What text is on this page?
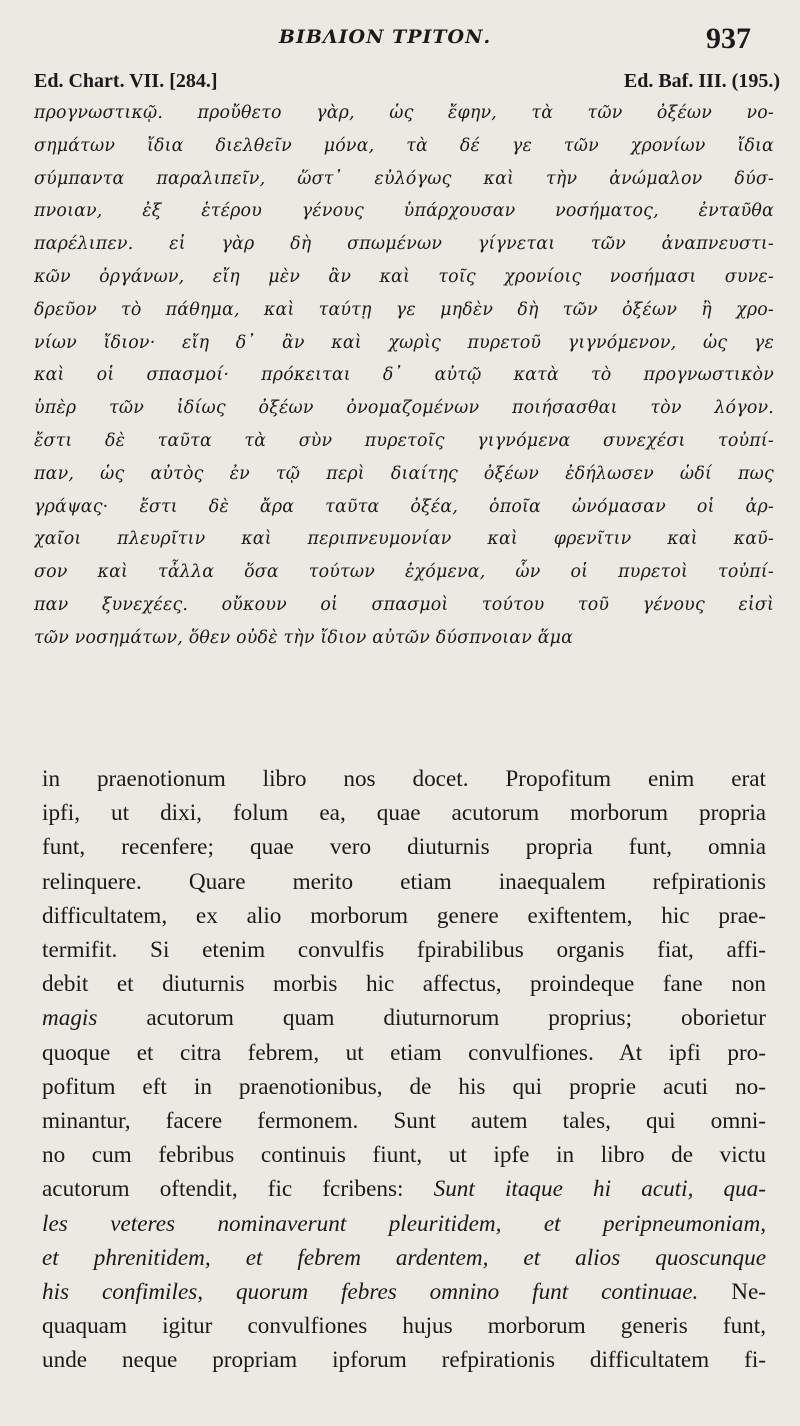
BIBΛΙΟΝ ΤΡΙΤΟΝ.	937
Ed. Chart. VII. [284.]	Ed. Baf. III. (195.)
προγνωστικῷ. προὔθετο γὰρ, ὡς ἔφην, τὰ τῶν ὀξέων νο-
σημάτων ἴδια διελθεῖν μόνα, τὰ δέ γε τῶν χρονίων ἴδια
σύμπαντα παραλιπεῖν, ὥστ᾽ εὐλόγως καὶ τὴν ἀνώμαλον δύσ-
πνοιαν, ἐξ ἑτέρου γένους ὑπάρχουσαν νοσήματος, ἐνταῦθα
παρέλιπεν. εἰ γὰρ δὴ σπωμένων γίγνεται τῶν ἀναπνευστι-
κῶν ὀργάνων, εἴη μὲν ἂν καὶ τοῖς χρονίοις νοσήμασι συνε-
δρεῦον τὸ πάθημα, καὶ ταύτῃ γε μηδὲν δὴ τῶν ὀξέων ἢ χρο-
νίων ἴδιον· εἴη δ᾽ ἂν καὶ χωρὶς πυρετοῦ γιγνόμενον, ὡς γε
καὶ οἱ σπασμοί· πρόκειται δ᾽ αὐτῷ κατὰ τὸ προγνωστικὸν
ὑπὲρ τῶν ἰδίως ὀξέων ὀνομαζομένων ποιήσασθαι τὸν λόγον.
ἔστι δὲ ταῦτα τὰ σὺν πυρετοῖς γιγνόμενα συνεχέσι τοὐπί-
παν, ὡς αὐτὸς ἐν τῷ περὶ διαίτης ὀξέων ἐδήλωσεν ὡδί πως
γράψας· ἔστι δὲ ἄρα ταῦτα ὀξέα, ὁποῖα ὠνόμασαν οἱ ἀρ-
χαῖοι πλευρῖτιν καὶ περιπνευμονίαν καὶ φρενῖτιν καὶ καῦ-
σον καὶ τἆλλα ὅσα τούτων ἐχόμενα, ὧν οἱ πυρετοὶ τοὐπί-
παν ξυνεχέες. οὔκουν οἱ σπασμοὶ τούτου τοῦ γένους εἰσὶ
τῶν νοσημάτων, ὅθεν οὐδὲ τὴν ἴδιον αὐτῶν δύσπνοιαν ἅμα
in praenotionum libro nos docet. Propofitum enim erat
ipfi, ut dixi, folum ea, quae acutorum morborum propria
funt, recenfere; quae vero diuturnis propria funt, omnia
relinquere. Quare merito etiam inaequalem refpirationis
difficultatem, ex alio morborum genere exiftentem, hic prae-
termifit. Si etenim convulfis fpirabilibus organis fiat, affi-
debit et diuturnis morbis hic affectus, proindeque fane non
magis acutorum quam diuturnorum proprius; oborietur
quoque et citra febrem, ut etiam convulfiones. At ipfi pro-
pofitum eft in praenotionibus, de his qui proprie acuti no-
minantur, facere fermonem. Sunt autem tales, qui omni-
no cum febribus continuis fiunt, ut ipfe in libro de victu
acutorum oftendit, fic fcribens: Sunt itaque hi acuti, qua-
les veteres nominaverunt pleuritidem, et peripneumoniam,
et phrenitidem, et febrem ardentem, et alios quoscunque
his confimiles, quorum febres omnino funt continuae. Ne-
quaquam igitur convulfiones hujus morborum generis funt,
unde neque propriam ipforum refpirationis difficultatem fi-
